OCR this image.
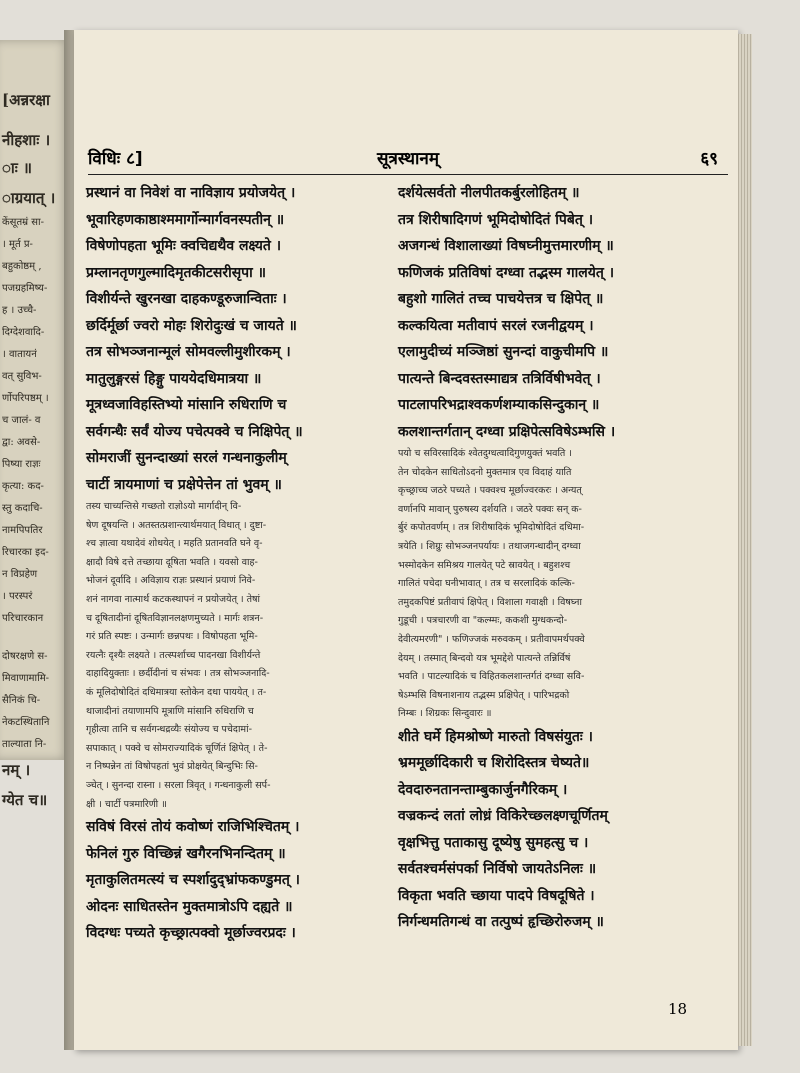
[अन्नरक्षा
नीहशाः ।
ाः ॥
ाग्रयात् ।
केंसूतम्रं सा-
। मूर्त प्र-
बहुकोष्ठम् ,
पजग्रहमिष्य-
ह । उच्चै-
दिग्देशवादि-
। वातायनं
वत् सुविभ-
र्णोपरिपष्ठम् ।
च जालं- व
द्वा: अवसे-
पिष्या राज्ञः
कृत्या: कद-
स्तु कदाचि-
नामपिपतिर
रिचारका इद-
न विप्रहेण
। परस्परं
परिचारकान
दोषरक्षणे स-
मिवाणामामि-
सैनिकं चि-
नेकटस्थितानि
ताल्याता नि-
नम् ।
ग्येत च॥
विधिः ८]	सूत्रस्थानम्	६९
प्रस्थानं वा निवेशं वा नाविज्ञाय प्रयोजयेत् ।
भूवारिहणकाष्ठाश्ममार्गोन्मार्गवनस्पतीन् ॥
विषेणोपहता भूमिः क्वचिद्यथैव लक्ष्यते ।
प्रम्लानतृणगुल्मादिमृतकीटसरीसृपा ॥
विशीर्यन्ते खुरनखा दाहकण्डूरुजान्विताः ।
छर्दिर्मूर्छा ज्वरो मोहः शिरोदुःखं च जायते ॥
तत्र सोभञ्जनान्मूलं सोमवल्लीमुशीरकम् ।
मातुलुङ्गरसं हिङ्गु पाययेदधिमात्रया ॥
मूत्रध्वजाविहस्तिभ्यो मांसानि रुधिराणि च
सर्वगन्धैः सर्वं योज्य पचेत्पक्वे च निक्षिपेत् ॥
सोमराजीं सुनन्दाख्यां सरलं गन्धनाकुलीम्
चार्टी त्रायमाणां च प्रक्षेपेत्तेन तां भुवम् ॥
तस्य चाच्यन्तिसे गच्छतो राज्ञोऽयो मार्गादीन् वि-
षेण दूषयन्ति । अतस्तत्प्रशान्त्यार्थमयात् विधात् । दुष्टा-
श्च ज्ञात्वा यथादेवं शोधयेत् । महति प्रतानवति घने वृ-
क्षादौ विषे दत्ते तच्छाया दूषिता भवति । यवसो वाह-
भोजनं दूर्वादि । अविज्ञाय राज्ञः प्रस्थानं प्रयाणं निवे-
शनं नागवा नात्मार्थ कटकस्थापनं न प्रयोजयेत् । तेषां
च दूषितादीनां दूषितविज्ञानलक्षणमुच्यते । मार्गः शत्रन-
गरं प्रति स्पष्टः । उन्मार्गः छन्नपथः । विषोपहता भूमि-
रयत्नैः दृश्यैः लक्ष्यते । तत्स्पर्शाच्च पादनखा विशीर्यन्ते
दाहादियुक्ताः । छर्दीदीनां च संभवः । तत्र सोभञ्जनादि-
कं मूलिदोषोदितं दधिमात्रया स्तोकेन दधा पाययेत् । त-
थाजादीनां तयाणामपि मूत्राणि मांसानि रुधिराणि च
गृहीत्वा तानि च सर्वगन्धद्रव्यैः संयोज्य च पचेदामां-
सपाकात् । पक्वे च सोमराज्यादिकं चूर्णितं क्षिपेत् । ते-
न निष्पन्नेन तां विषोपहतां भुवं प्रोक्षयेत् बिन्दुभिः सि-
ञ्चेत् । सुनन्दा रास्ना । सरला त्रिवृत् । गन्धनाकुली सर्प-
क्षी । चार्टी पत्रमारिणी ॥
सविषं विरसं तोयं कवोष्णं राजिभिश्चितम् ।
फेनिलं गुरु विच्छिन्नं खगैरनभिनन्दितम् ॥
मृताकुलितमत्स्यं च स्पर्शादुद्भ्रांफकण्डुमत् ।
ओदनः साधितस्तेन मुक्तमात्रोऽपि दह्यते ॥
विदग्धः पच्यते कृच्छ्रात्पक्वो मूर्छाज्वरप्रदः ।
दर्शयेत्सर्वतो नीलपीतकर्बुरलोहितम् ॥
तत्र शिरीषादिगणं भूमिदोषोदितं पिबेत् ।
अजगन्धं विशालाख्यां विषघ्नीमुत्तमारणीम् ॥
फणिजकं प्रतिविषां दग्ध्वा तद्भस्म गालयेत् ।
बहुशो गालितं तच्च पाचयेत्तत्र च क्षिपेत् ॥
कल्कयित्वा मतीवापं सरलं रजनीद्वयम् ।
एलामुदीच्यं मञ्जिष्ठां सुनन्दां वाकुचीमपि ॥
पात्यन्ते बिन्दवस्तस्माद्यत्र तत्रिर्विषीभवेत् ।
पाटलापरिभद्राश्वकर्णशम्याकसिन्दुकान् ॥
कलशान्तर्गतान् दग्ध्वा प्रक्षिपेत्सविषेऽम्भसि ।
पयो च सविरसादिकं श्वेतदुग्धत्वादिगुणयुक्तं भवति ।
तेन चोदकेन साधितोऽदनो मुक्तमात्र एव विदाहं याति
कृच्छ्राच्च जठरे पच्यते । पक्वश्च मूर्छाज्वरकरः । अन्यत्
वर्णानपि मावान् पुरुषस्य दर्शयति । जठरे पक्वः सन् क-
र्बुरं कपोतवर्णम् । तत्र शिरीषादिकं भूमिदोषोदितं दधिमा-
त्रयेति । शिग्रुः सोभञ्जनपर्यायः । तथाजगन्धादीन् दग्ध्वा
भस्मोदकेन समिश्रय गालयेत् पटे स्रावयेत् । बहुशश्च
गालितं पचेदा घनीभावात् । तत्र च सरलादिकं कल्कि-
तमुदकपिष्टं प्रतीवापं क्षिपेत् । विशाला गवाक्षी । विषघ्ना
गुडूची । पत्रचारणी वा "कल्म्मः, ककशी मुग्धकन्दो-
देवीत्यमरणी" । फणिज्जकं मरुवकम् । प्रतीवापमर्थपक्वे
देयम् । तस्मात् बिन्दवो यत्र भूमद्देशे पात्यन्ते तन्निर्विषं
भवति । पाटल्यादिकं च विहितकलशान्तर्गतं दग्ध्वा सवि-
षेऽम्भसि विषनाशनाय तद्भस्म प्रक्षिपेत् । पारिभद्रको
निम्बः । शिग्रकः सिन्दुवारः ॥
शीते घर्मे हिमश्रोष्णे मारुतो विषसंयुतः ।
भ्रममूर्छादिकारी च शिरोदिस्तत्र चेष्यते॥
देवदारुनतानन्ताम्बुकार्जुनगैरिकम् ।
वज्रकन्दं लतां लोध्रं विकिरेच्छ्लक्ष्णचूर्णितम्
वृक्षभित्तु पताकासु दूष्येषु सुमहत्सु च ।
सर्वतश्चर्मसंपर्का निर्विषो जायतेऽनिलः ॥
विकृता भवति च्छाया पादपे विषदूषिते ।
निर्गन्धमतिगन्धं वा तत्पुष्पं हृच्छिरोरुजम् ॥
18
